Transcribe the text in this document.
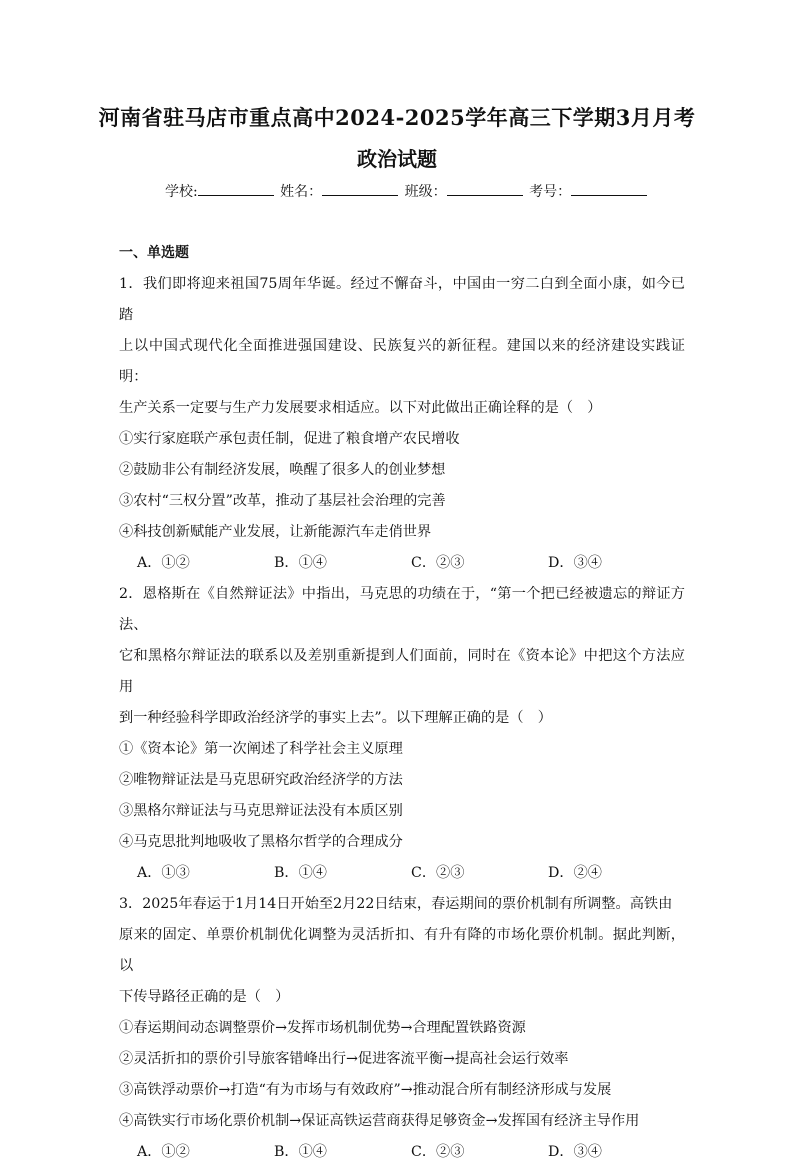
河南省驻马店市重点高中2024-2025学年高三下学期3月月考
政治试题
学校:	姓名：	班级：	考号：
一、单选题

1．我们即将迎来祖国75周年华诞。经过不懈奋斗，中国由一穷二白到全面小康，如今已踏

上以中国式现代化全面推进强国建设、民族复兴的新征程。建国以来的经济建设实践证明：

生产关系一定要与生产力发展要求相适应。以下对此做出正确诠释的是（　）

①实行家庭联产承包责任制，促进了粮食增产农民增收

②鼓励非公有制经济发展，唤醒了很多人的创业梦想

③农村“三权分置”改革，推动了基层社会治理的完善

④科技创新赋能产业发展，让新能源汽车走俏世界

A．①②	B．①④	C．②③	D．③④

2．恩格斯在《自然辩证法》中指出，马克思的功绩在于，“第一个把已经被遗忘的辩证方法、

它和黑格尔辩证法的联系以及差别重新提到人们面前，同时在《资本论》中把这个方法应用

到一种经验科学即政治经济学的事实上去”。以下理解正确的是（　）

①《资本论》第一次阐述了科学社会主义原理

②唯物辩证法是马克思研究政治经济学的方法

③黑格尔辩证法与马克思辩证法没有本质区别

④马克思批判地吸收了黑格尔哲学的合理成分

A．①③	B．①④	C．②③	D．②④

3．2025年春运于1月14日开始至2月22日结束，春运期间的票价机制有所调整。高铁由

原来的固定、单票价机制优化调整为灵活折扣、有升有降的市场化票价机制。据此判断，以

下传导路径正确的是（　）

①春运期间动态调整票价→发挥市场机制优势→合理配置铁路资源

②灵活折扣的票价引导旅客错峰出行→促进客流平衡→提高社会运行效率

③高铁浮动票价→打造“有为市场与有效政府”→推动混合所有制经济形成与发展

④高铁实行市场化票价机制→保证高铁运营商获得足够资金→发挥国有经济主导作用

A．①②	B．①④	C．②③	D．③④
